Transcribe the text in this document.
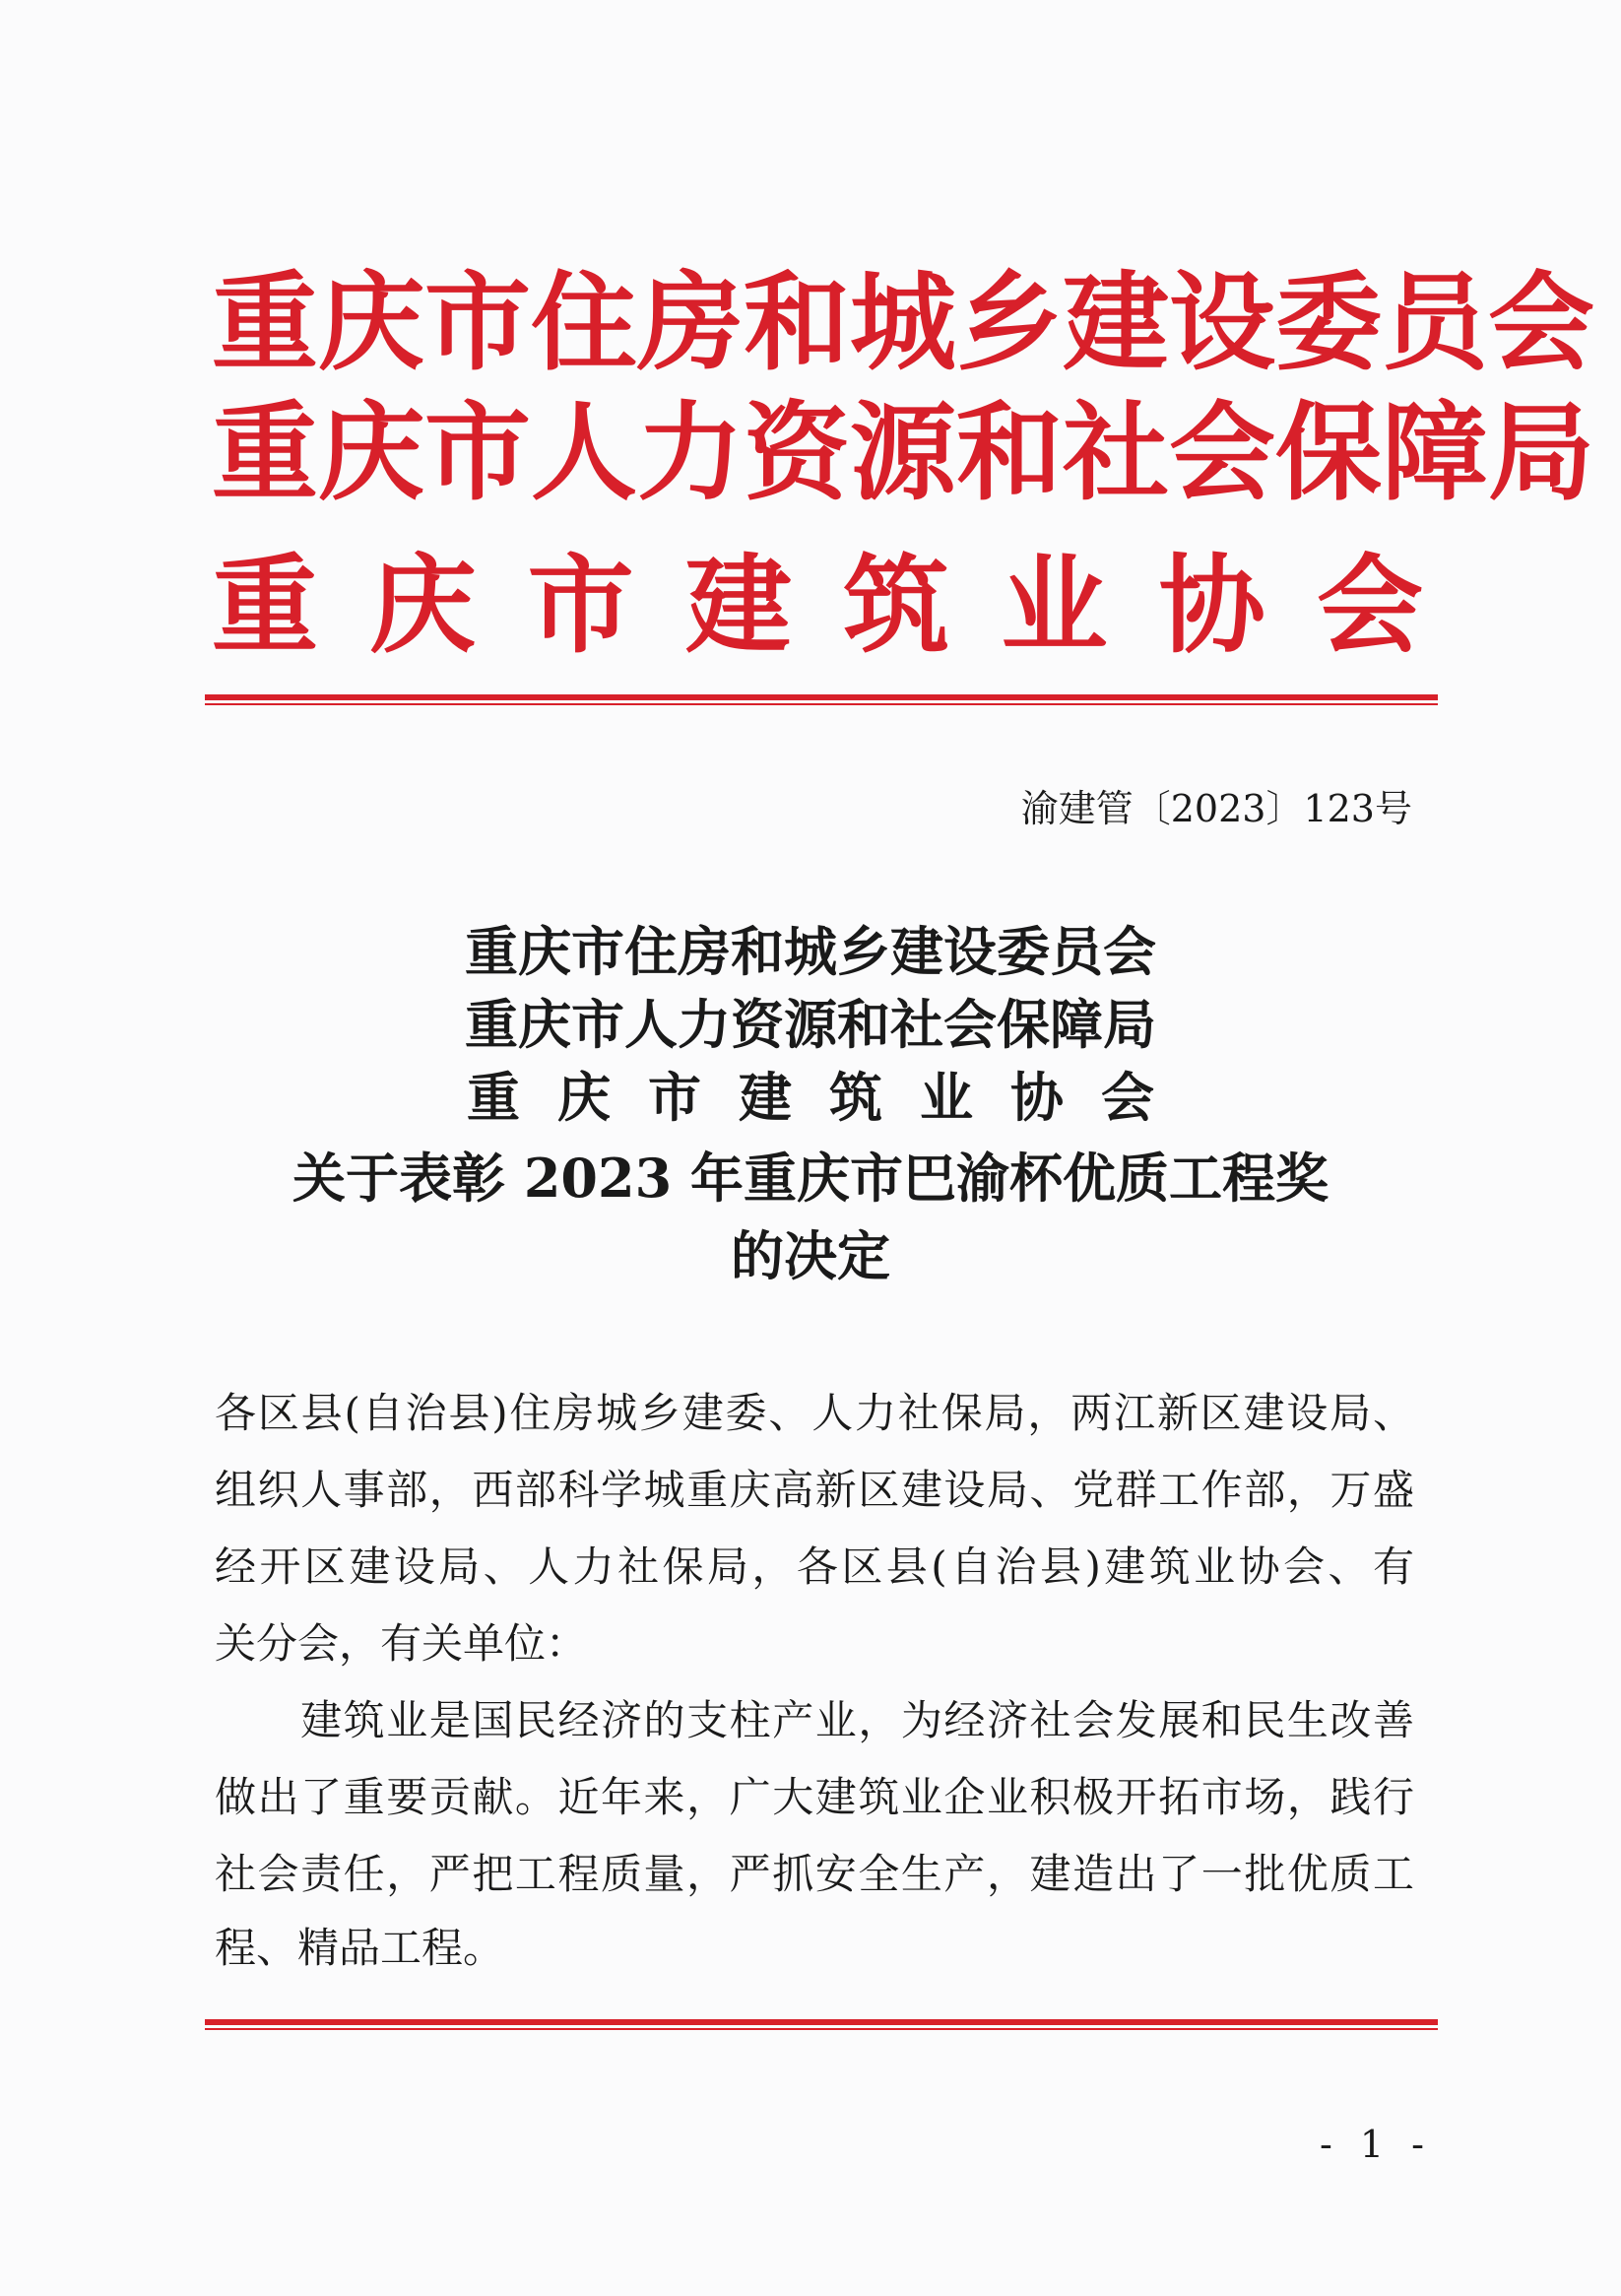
重庆市住房和城乡建设委员会
重庆市人力资源和社会保障局
重庆市建筑业协会
渝建管〔2023〕123号
重庆市住房和城乡建设委员会
重庆市人力资源和社会保障局
重庆市建筑业协会
关于表彰 2023 年重庆市巴渝杯优质工程奖
的决定
各区县(自治县)住房城乡建委、人力社保局，两江新区建设局、
组织人事部，西部科学城重庆高新区建设局、党群工作部，万盛
经开区建设局、人力社保局，各区县(自治县)建筑业协会、有
关分会，有关单位：
　　建筑业是国民经济的支柱产业，为经济社会发展和民生改善
做出了重要贡献。近年来，广大建筑业企业积极开拓市场，践行
社会责任，严把工程质量，严抓安全生产，建造出了一批优质工
程、精品工程。
- 1 -
